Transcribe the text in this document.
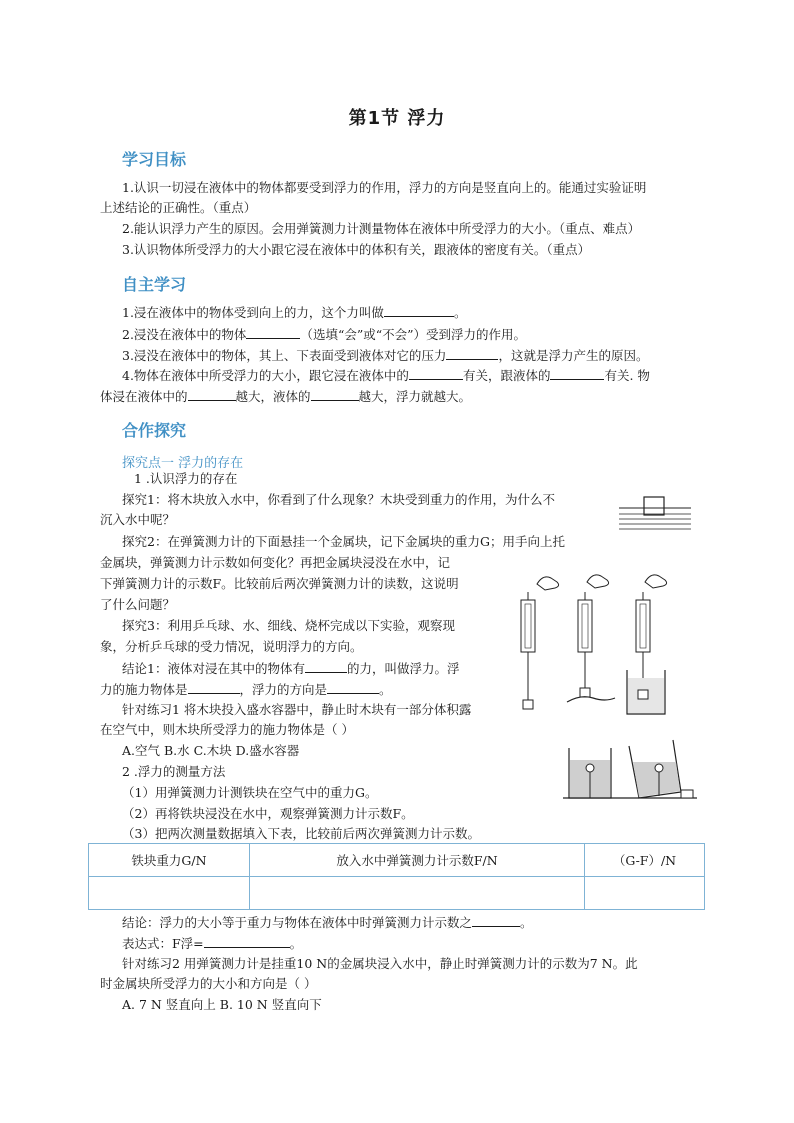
第1节 浮力
学习目标
1.认识一切浸在液体中的物体都要受到浮力的作用，浮力的方向是竖直向上的。能通过实验证明
上述结论的正确性。（重点）
2.能认识浮力产生的原因。会用弹簧测力计测量物体在液体中所受浮力的大小。（重点、难点）
3.认识物体所受浮力的大小跟它浸在液体中的体积有关，跟液体的密度有关。（重点）
自主学习
1.浸在液体中的物体受到向上的力，这个力叫做	。
2.浸没在液体中的物体	（选填“会”或“不会”）受到浮力的作用。
3.浸没在液体中的物体，其上、下表面受到液体对它的压力	，这就是浮力产生的原因。
4.物体在液体中所受浮力的大小，跟它浸在液体中的	有关，跟液体的	有关. 物
体浸在液体中的	越大，液体的	越大，浮力就越大。
合作探究
探究点一 浮力的存在
1 .认识浮力的存在
探究1：将木块放入水中，你看到了什么现象？木块受到重力的作用，为什么不
沉入水中呢？
探究2：在弹簧测力计的下面悬挂一个金属块，记下金属块的重力G；用手向上托
金属块，弹簧测力计示数如何变化？再把金属块浸没在水中，记
下弹簧测力计的示数F。比较前后两次弹簧测力计的读数，这说明
了什么问题？
探究3：利用乒乓球、水、细线、烧杯完成以下实验，观察现
象，分析乒乓球的受力情况，说明浮力的方向。
结论1：液体对浸在其中的物体有	的力，叫做浮力。浮
力的施力物体是	，浮力的方向是	。
针对练习1 将木块投入盛水容器中，静止时木块有一部分体积露
在空气中，则木块所受浮力的施力物体是（ ）
A.空气 B.水 C.木块 D.盛水容器
2 .浮力的测量方法
（1）用弹簧测力计测铁块在空气中的重力G。
（2）再将铁块浸没在水中，观察弹簧测力计示数F。
（3）把两次测量数据填入下表，比较前后两次弹簧测力计示数。
铁块重力G/N	放入水中弹簧测力计示数F/N	（G-F）/N

结论：浮力的大小等于重力与物体在液体中时弹簧测力计示数之	。
表达式：F浮=	。
针对练习2 用弹簧测力计是挂重10 N的金属块浸入水中，静止时弹簧测力计的示数为7 N。此
时金属块所受浮力的大小和方向是（ ）
A. 7 N 竖直向上 B. 10 N 竖直向下
